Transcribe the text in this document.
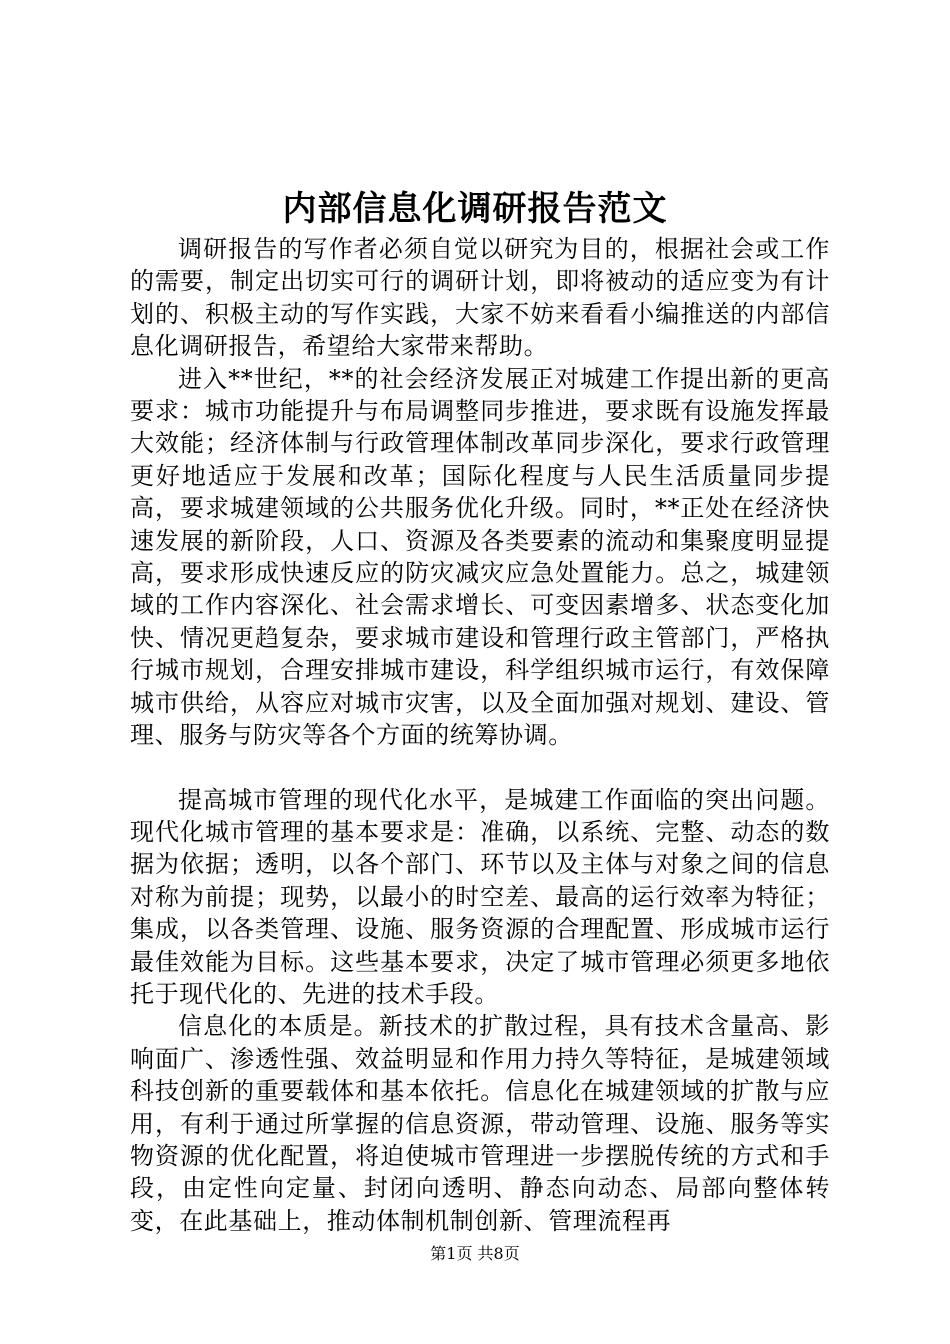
内部信息化调研报告范文

调研报告的写作者必须自觉以研究为目的，根据社会或工作的需要，制定出切实可行的调研计划，即将被动的适应变为有计划的、积极主动的写作实践，大家不妨来看看小编推送的内部信息化调研报告，希望给大家带来帮助。

进入**世纪，**的社会经济发展正对城建工作提出新的更高要求：城市功能提升与布局调整同步推进，要求既有设施发挥最大效能；经济体制与行政管理体制改革同步深化，要求行政管理更好地适应于发展和改革；国际化程度与人民生活质量同步提高，要求城建领域的公共服务优化升级。同时，**正处在经济快速发展的新阶段，人口、资源及各类要素的流动和集聚度明显提高，要求形成快速反应的防灾减灾应急处置能力。总之，城建领域的工作内容深化、社会需求增长、可变因素增多、状态变化加快、情况更趋复杂，要求城市建设和管理行政主管部门，严格执行城市规划，合理安排城市建设，科学组织城市运行，有效保障城市供给，从容应对城市灾害，以及全面加强对规划、建设、管理、服务与防灾等各个方面的统筹协调。

提高城市管理的现代化水平，是城建工作面临的突出问题。现代化城市管理的基本要求是：准确，以系统、完整、动态的数据为依据；透明，以各个部门、环节以及主体与对象之间的信息对称为前提；现势，以最小的时空差、最高的运行效率为特征；集成，以各类管理、设施、服务资源的合理配置、形成城市运行最佳效能为目标。这些基本要求，决定了城市管理必须更多地依托于现代化的、先进的技术手段。

信息化的本质是。新技术的扩散过程，具有技术含量高、影响面广、渗透性强、效益明显和作用力持久等特征，是城建领域科技创新的重要载体和基本依托。信息化在城建领域的扩散与应用，有利于通过所掌握的信息资源，带动管理、设施、服务等实物资源的优化配置，将迫使城市管理进一步摆脱传统的方式和手段，由定性向定量、封闭向透明、静态向动态、局部向整体转变，在此基础上，推动体制机制创新、管理流程再

第1页 共8页
